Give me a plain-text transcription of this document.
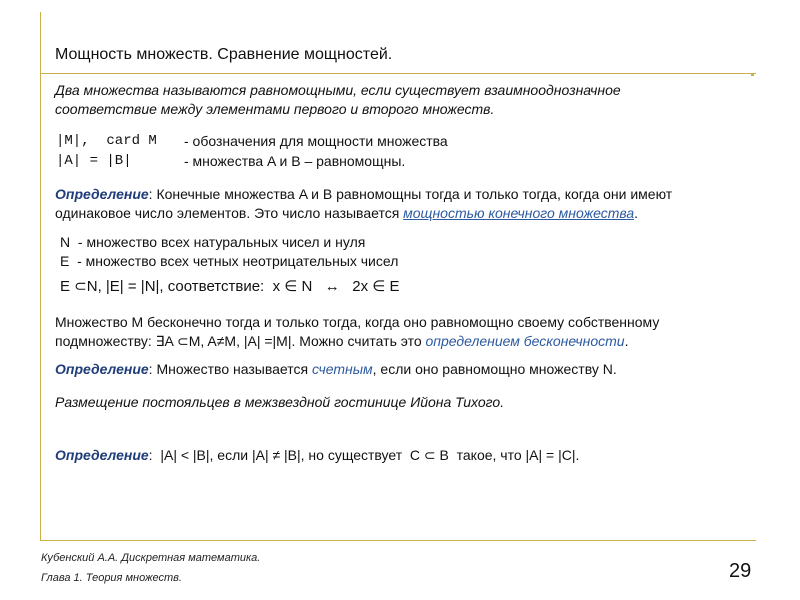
Мощность множеств. Сравнение мощностей.
Два множества называются равномощными, если существует взаимнооднозначное
соответствие между элементами первого и второго множеств.
|M|,  card M - обозначения для мощности множества
|A| = |B|	- множества A и B – равномощны.
Определение: Конечные множества A и B равномощны тогда и только тогда, когда они имеют
одинаковое число элементов. Это число называется мощностью конечного множества.
N  - множество всех натуральных чисел и нуля
E  - множество всех четных неотрицательных чисел
E ⊂N, |E| = |N|, соответствие:  x ∈ N   ↔   2x ∈ E
Множество M бесконечно тогда и только тогда, когда оно равномощно своему собственному
подмножеству: ∃A ⊂M, A≠M, |A| =|M|. Можно считать это определением бесконечности.
Определение: Множество называется счетным, если оно равномощно множеству N.
Размещение постояльцев в межзвездной гостинице Ийона Тихого.
Определение:  |A| < |B|, если |A| ≠ |B|, но существует  C ⊂ B  такое, что |A| = |C|.
Кубенский А.А. Дискретная математика.
Глава 1. Теория множеств.	29
